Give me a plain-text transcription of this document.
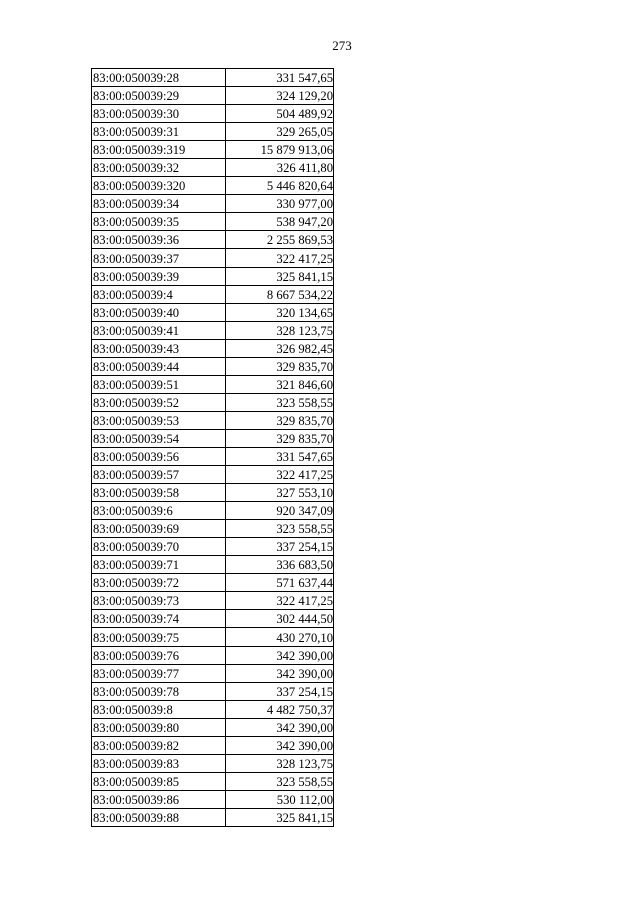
273
83:00:050039:28	331 547,65
83:00:050039:29	324 129,20
83:00:050039:30	504 489,92
83:00:050039:31	329 265,05
83:00:050039:319	15 879 913,06
83:00:050039:32	326 411,80
83:00:050039:320	5 446 820,64
83:00:050039:34	330 977,00
83:00:050039:35	538 947,20
83:00:050039:36	2 255 869,53
83:00:050039:37	322 417,25
83:00:050039:39	325 841,15
83:00:050039:4	8 667 534,22
83:00:050039:40	320 134,65
83:00:050039:41	328 123,75
83:00:050039:43	326 982,45
83:00:050039:44	329 835,70
83:00:050039:51	321 846,60
83:00:050039:52	323 558,55
83:00:050039:53	329 835,70
83:00:050039:54	329 835,70
83:00:050039:56	331 547,65
83:00:050039:57	322 417,25
83:00:050039:58	327 553,10
83:00:050039:6	920 347,09
83:00:050039:69	323 558,55
83:00:050039:70	337 254,15
83:00:050039:71	336 683,50
83:00:050039:72	571 637,44
83:00:050039:73	322 417,25
83:00:050039:74	302 444,50
83:00:050039:75	430 270,10
83:00:050039:76	342 390,00
83:00:050039:77	342 390,00
83:00:050039:78	337 254,15
83:00:050039:8	4 482 750,37
83:00:050039:80	342 390,00
83:00:050039:82	342 390,00
83:00:050039:83	328 123,75
83:00:050039:85	323 558,55
83:00:050039:86	530 112,00
83:00:050039:88	325 841,15
